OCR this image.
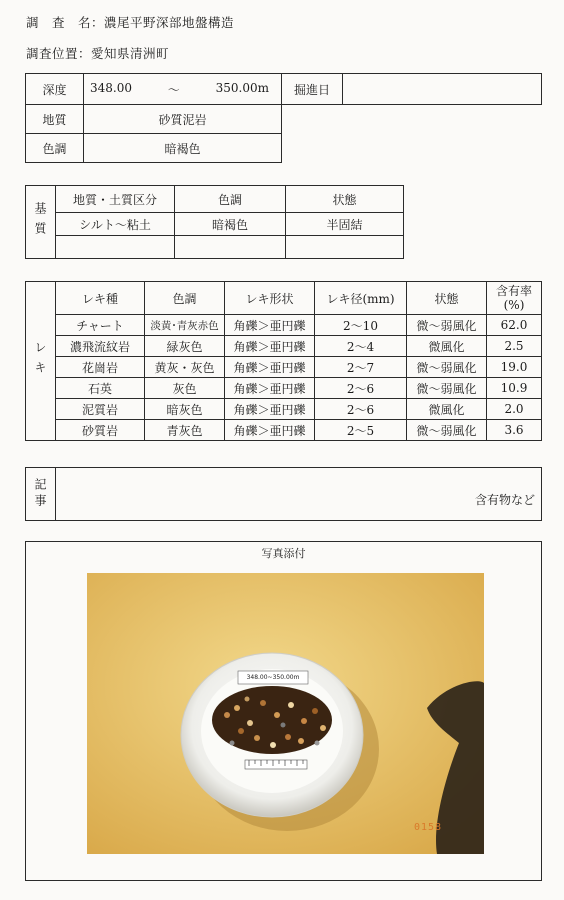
調　査　名：濃尾平野深部地盤構造
調査位置：愛知県清洲町
深度	348.00 ～ 350.00m	掘進日	
地質	砂質泥岩		
色調	暗褐色		
基質	地質・土質区分	色調	状態
	シルト～粘土	暗褐色	半固結

レキ	レキ種	色調	レキ形状	レキ径(mm)	状態	含有率
(%)

	チャート	淡黄･青灰赤色	角礫＞亜円礫	2～10	微～弱風化	62.0
	濃飛流紋岩	緑灰色	角礫＞亜円礫	2～4	微風化	2.5
	花崗岩	黄灰・灰色	角礫＞亜円礫	2～7	微～弱風化	19.0
	石英	灰色	角礫＞亜円礫	2～6	微～弱風化	10.9
	泥質岩	暗灰色	角礫＞亜円礫	2～6	微風化	2.0
	砂質岩	青灰色	角礫＞亜円礫	2～5	微～弱風化	3.6
記事	含有物など
写真添付
348.00~350.00m
0158
